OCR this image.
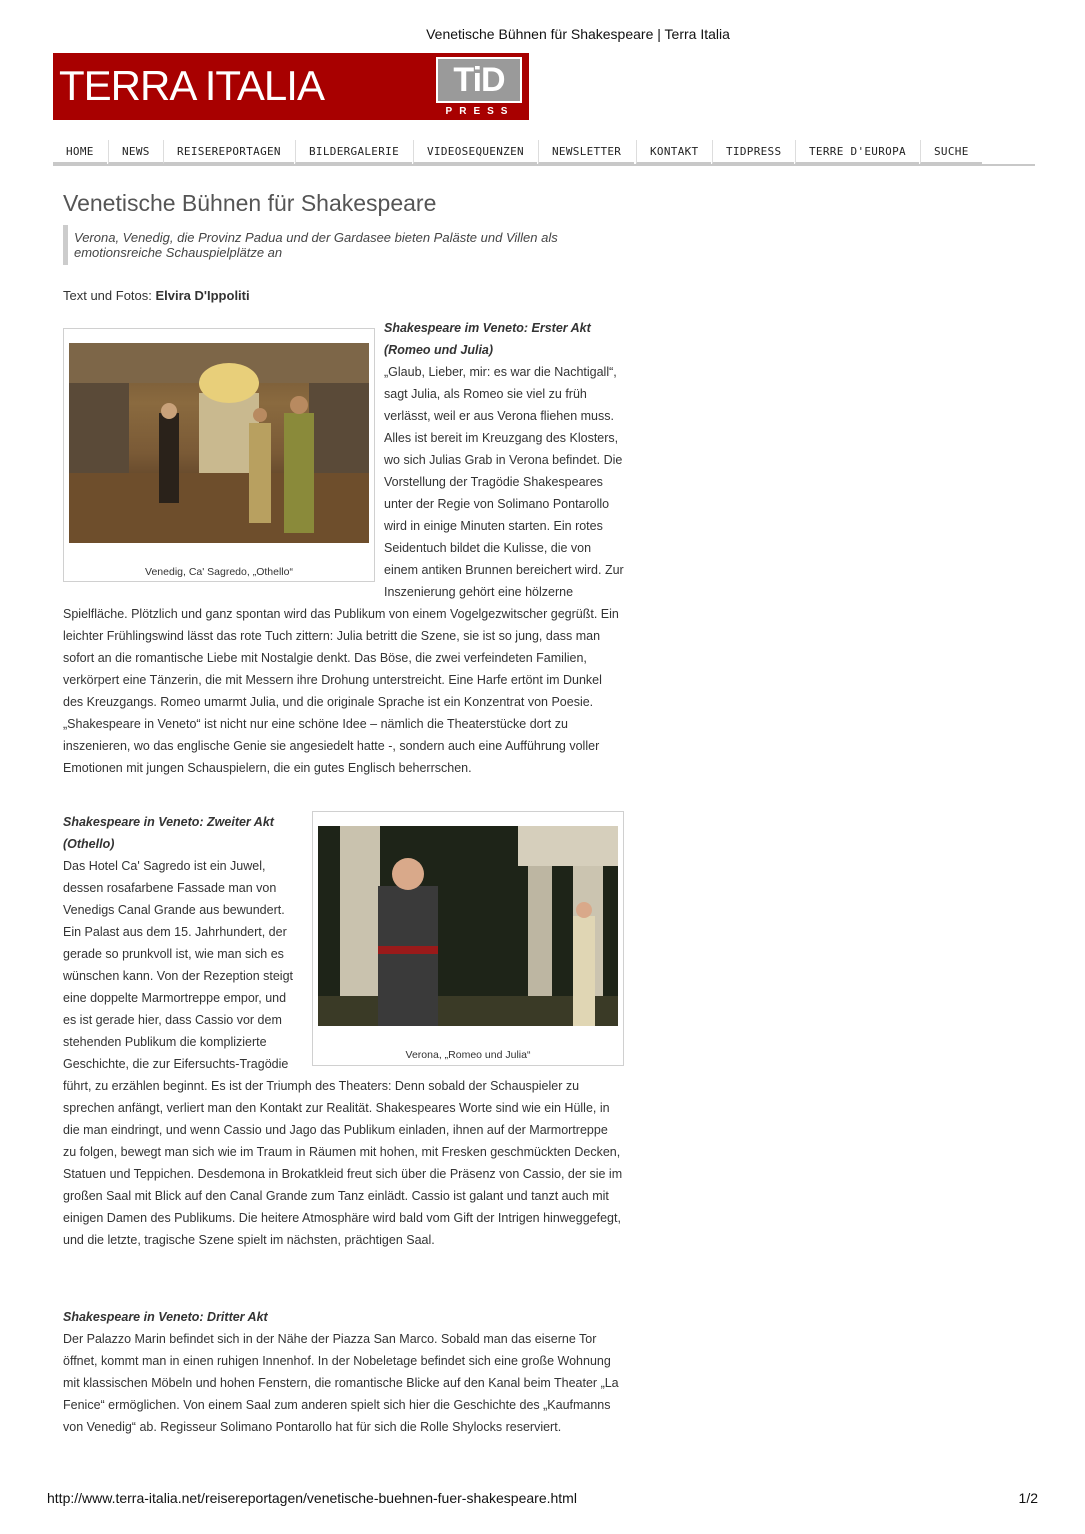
Venetische Bühnen für Shakespeare | Terra Italia
TERRA ITALIA	TiD
PRESS
HOME	NEWS	REISEREPORTAGEN	BILDERGALERIE	VIDEOSEQUENZEN	NEWSLETTER	KONTAKT	TIDPRESS	TERRE D'EUROPA	SUCHE
Venetische Bühnen für Shakespeare
Verona, Venedig, die Provinz Padua und der Gardasee bieten Paläste und Villen als emotionsreiche Schauspielplätze an
Text und Fotos: Elvira D'Ippoliti
Venedig, Ca' Sagredo, „Othello“

Shakespeare im Veneto: Erster Akt (Romeo und Julia)
„Glaub, Lieber, mir: es war die Nachtigall“, sagt Julia, als Romeo sie viel zu früh verlässt, weil er aus Verona fliehen muss. Alles ist bereit im Kreuzgang des Klosters, wo sich Julias Grab in Verona befindet. Die Vorstellung der Tragödie Shakespeares unter der Regie von Solimano Pontarollo wird in einige Minuten starten. Ein rotes Seidentuch bildet die Kulisse, die von einem antiken Brunnen bereichert wird. Zur Inszenierung gehört eine hölzerne Spielfläche. Plötzlich und ganz spontan wird das Publikum von einem Vogelgezwitscher gegrüßt. Ein leichter Frühlingswind lässt das rote Tuch zittern: Julia betritt die Szene, sie ist so jung, dass man sofort an die romantische Liebe mit Nostalgie denkt. Das Böse, die zwei verfeindeten Familien, verkörpert eine Tänzerin, die mit Messern ihre Drohung unterstreicht. Eine Harfe ertönt im Dunkel des Kreuzgangs. Romeo umarmt Julia, und die originale Sprache ist ein Konzentrat von Poesie. „Shakespeare in Veneto“ ist nicht nur eine schöne Idee – nämlich die Theaterstücke dort zu inszenieren, wo das englische Genie sie angesiedelt hatte -, sondern auch eine Aufführung voller Emotionen mit jungen Schauspielern, die ein gutes Englisch beherrschen.

Verona, „Romeo und Julia“

Shakespeare in Veneto: Zweiter Akt (Othello)
Das Hotel Ca' Sagredo ist ein Juwel, dessen rosafarbene Fassade man von Venedigs Canal Grande aus bewundert. Ein Palast aus dem 15. Jahrhundert, der gerade so prunkvoll ist, wie man sich es wünschen kann. Von der Rezeption steigt eine doppelte Marmortreppe empor, und es ist gerade hier, dass Cassio vor dem stehenden Publikum die komplizierte Geschichte, die zur Eifersuchts-Tragödie führt, zu erzählen beginnt. Es ist der Triumph des Theaters: Denn sobald der Schauspieler zu sprechen anfängt, verliert man den Kontakt zur Realität. Shakespeares Worte sind wie ein Hülle, in die man eindringt, und wenn Cassio und Jago das Publikum einladen, ihnen auf der Marmortreppe zu folgen, bewegt man sich wie im Traum in Räumen mit hohen, mit Fresken geschmückten Decken, Statuen und Teppichen. Desdemona in Brokatkleid freut sich über die Präsenz von Cassio, der sie im großen Saal mit Blick auf den Canal Grande zum Tanz einlädt. Cassio ist galant und tanzt auch mit einigen Damen des Publikums. Die heitere Atmosphäre wird bald vom Gift der Intrigen hinweggefegt, und die letzte, tragische Szene spielt im nächsten, prächtigen Saal.

Shakespeare in Veneto: Dritter Akt
Der Palazzo Marin befindet sich in der Nähe der Piazza San Marco. Sobald man das eiserne Tor öffnet, kommt man in einen ruhigen Innenhof. In der Nobeletage befindet sich eine große Wohnung mit klassischen Möbeln und hohen Fenstern, die romantische Blicke auf den Kanal beim Theater „La Fenice“ ermöglichen. Von einem Saal zum anderen spielt sich hier die Geschichte des „Kaufmanns von Venedig“ ab. Regisseur Solimano Pontarollo hat für sich die Rolle Shylocks reserviert.

http://www.terra-italia.net/reisereportagen/venetische-buehnen-fuer-shakespeare.html	1/2
